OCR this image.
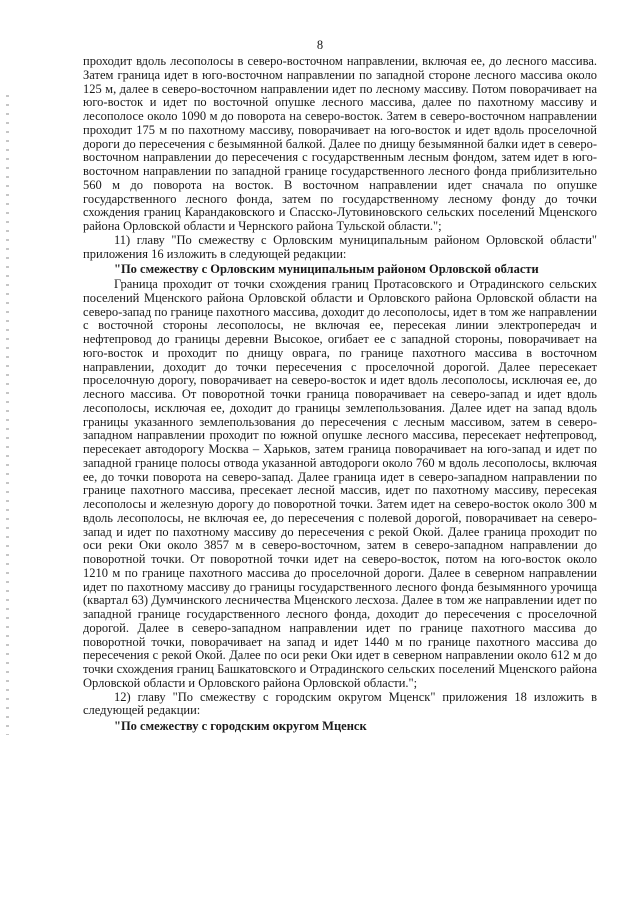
8

проходит вдоль лесополосы в северо-восточном направлении, включая ее, до лесного массива. Затем граница идет в юго-восточном направлении по западной стороне лесного массива около 125 м, далее в северо-восточном направлении идет по лесному массиву. Потом поворачивает на юго-восток и идет по восточной опушке лесного массива, далее по пахотному массиву и лесополосе около 1090 м до поворота на северо-восток. Затем в северо-восточном направлении проходит 175 м по пахотному массиву, поворачивает на юго-восток и идет вдоль проселочной дороги до пересечения с безымянной балкой. Далее по днищу безымянной балки идет в северо-восточном направлении до пересечения с государственным лесным фондом, затем идет в юго-восточном направлении по западной границе государственного лесного фонда приблизительно 560 м до поворота на восток. В восточном направлении идет сначала по опушке государственного лесного фонда, затем по государственному лесному фонду до точки схождения границ Карандаковского и Спасско-Лутовиновского сельских поселений Мценского района Орловской области и Чернского района Тульской области.";

11) главу "По смежеству с Орловским муниципальным районом Орловской области" приложения 16 изложить в следующей редакции:

"По смежеству с Орловским муниципальным районом Орловской области

Граница проходит от точки схождения границ Протасовского и Отрадинского сельских поселений Мценского района Орловской области и Орловского района Орловской области на северо-запад по границе пахотного массива, доходит до лесополосы, идет в том же направлении с восточной стороны лесополосы, не включая ее, пересекая линии электропередач и нефтепровод до границы деревни Высокое, огибает ее с западной стороны, поворачивает на юго-восток и проходит по днищу оврага, по границе пахотного массива в восточном направлении, доходит до точки пересечения с проселочной дорогой. Далее пересекает проселочную дорогу, поворачивает на северо-восток и идет вдоль лесополосы, исключая ее, до лесного массива. От поворотной точки граница поворачивает на северо-запад и идет вдоль лесополосы, исключая ее, доходит до границы землепользования. Далее идет на запад вдоль границы указанного землепользования до пересечения с лесным массивом, затем в северо-западном направлении проходит по южной опушке лесного массива, пересекает нефтепровод, пересекает автодорогу Москва – Харьков, затем граница поворачивает на юго-запад и идет по западной границе полосы отвода указанной автодороги около 760 м вдоль лесополосы, включая ее, до точки поворота на северо-запад. Далее граница идет в северо-западном направлении по границе пахотного массива, пресекает лесной массив, идет по пахотному массиву, пересекая лесополосы и железную дорогу до поворотной точки. Затем идет на северо-восток около 300 м вдоль лесополосы, не включая ее, до пересечения с полевой дорогой, поворачивает на северо-запад и идет по пахотному массиву до пересечения с рекой Окой. Далее граница проходит по оси реки Оки около 3857 м в северо-восточном, затем в северо-западном направлении до поворотной точки. От поворотной точки идет на северо-восток, потом на юго-восток около 1210 м по границе пахотного массива до проселочной дороги. Далее в северном направлении идет по пахотному массиву до границы государственного лесного фонда безымянного урочища (квартал 63) Думчинского лесничества Мценского лесхоза. Далее в том же направлении идет по западной границе государственного лесного фонда, доходит до пересечения с проселочной дорогой. Далее в северо-западном направлении идет по границе пахотного массива до поворотной точки, поворачивает на запад и идет 1440 м по границе пахотного массива до пересечения с рекой Окой. Далее по оси реки Оки идет в северном направлении около 612 м до точки схождения границ Башкатовского и Отрадинского сельских поселений Мценского района Орловской области и Орловского района Орловской области.";

12) главу "По смежеству с городским округом Мценск" приложения 18 изложить в следующей редакции:

"По смежеству с городским округом Мценск
